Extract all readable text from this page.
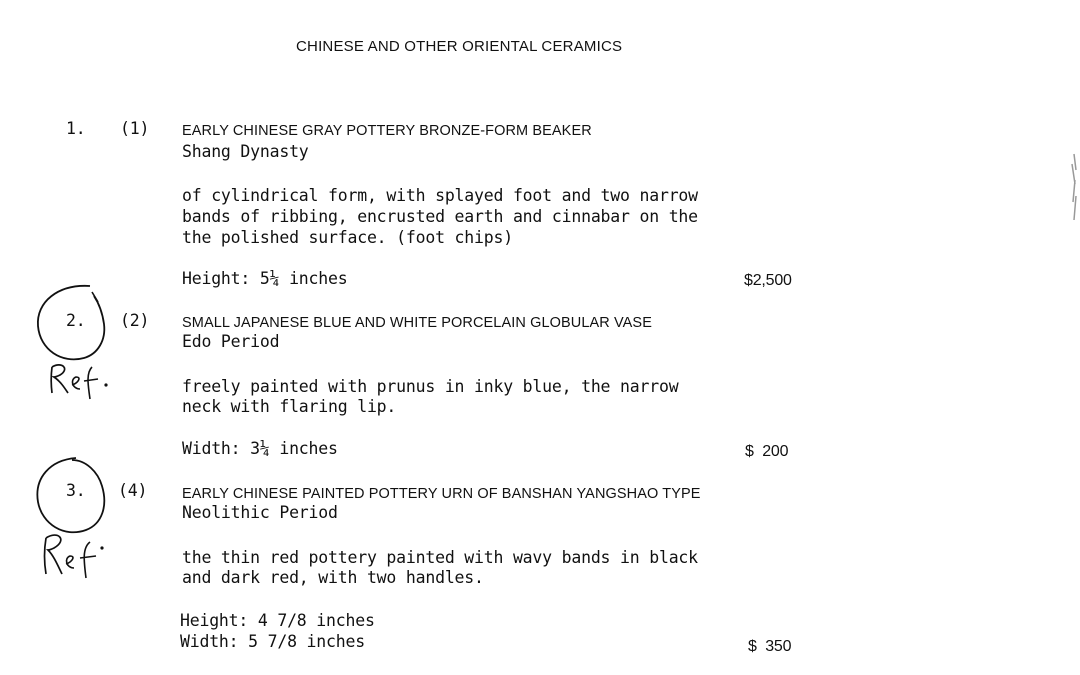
CHINESE AND OTHER ORIENTAL CERAMICS
1. (1) EARLY CHINESE GRAY POTTERY BRONZE-FORM BEAKER
Shang Dynasty
of cylindrical form, with splayed foot and two narrow
bands of ribbing, encrusted earth and cinnabar on the
the polished surface. (foot chips)
Height: 5¼ inches	$2,500
2. (2) SMALL JAPANESE BLUE AND WHITE PORCELAIN GLOBULAR VASE
Edo Period
freely painted with prunus in inky blue, the narrow
neck with flaring lip.
Width: 3¼ inches	$  200
3. (4) EARLY CHINESE PAINTED POTTERY URN OF BANSHAN YANGSHAO TYPE
Neolithic Period
the thin red pottery painted with wavy bands in black
and dark red, with two handles.
Height: 4 7/8 inches
Width: 5 7/8 inches	$  350
